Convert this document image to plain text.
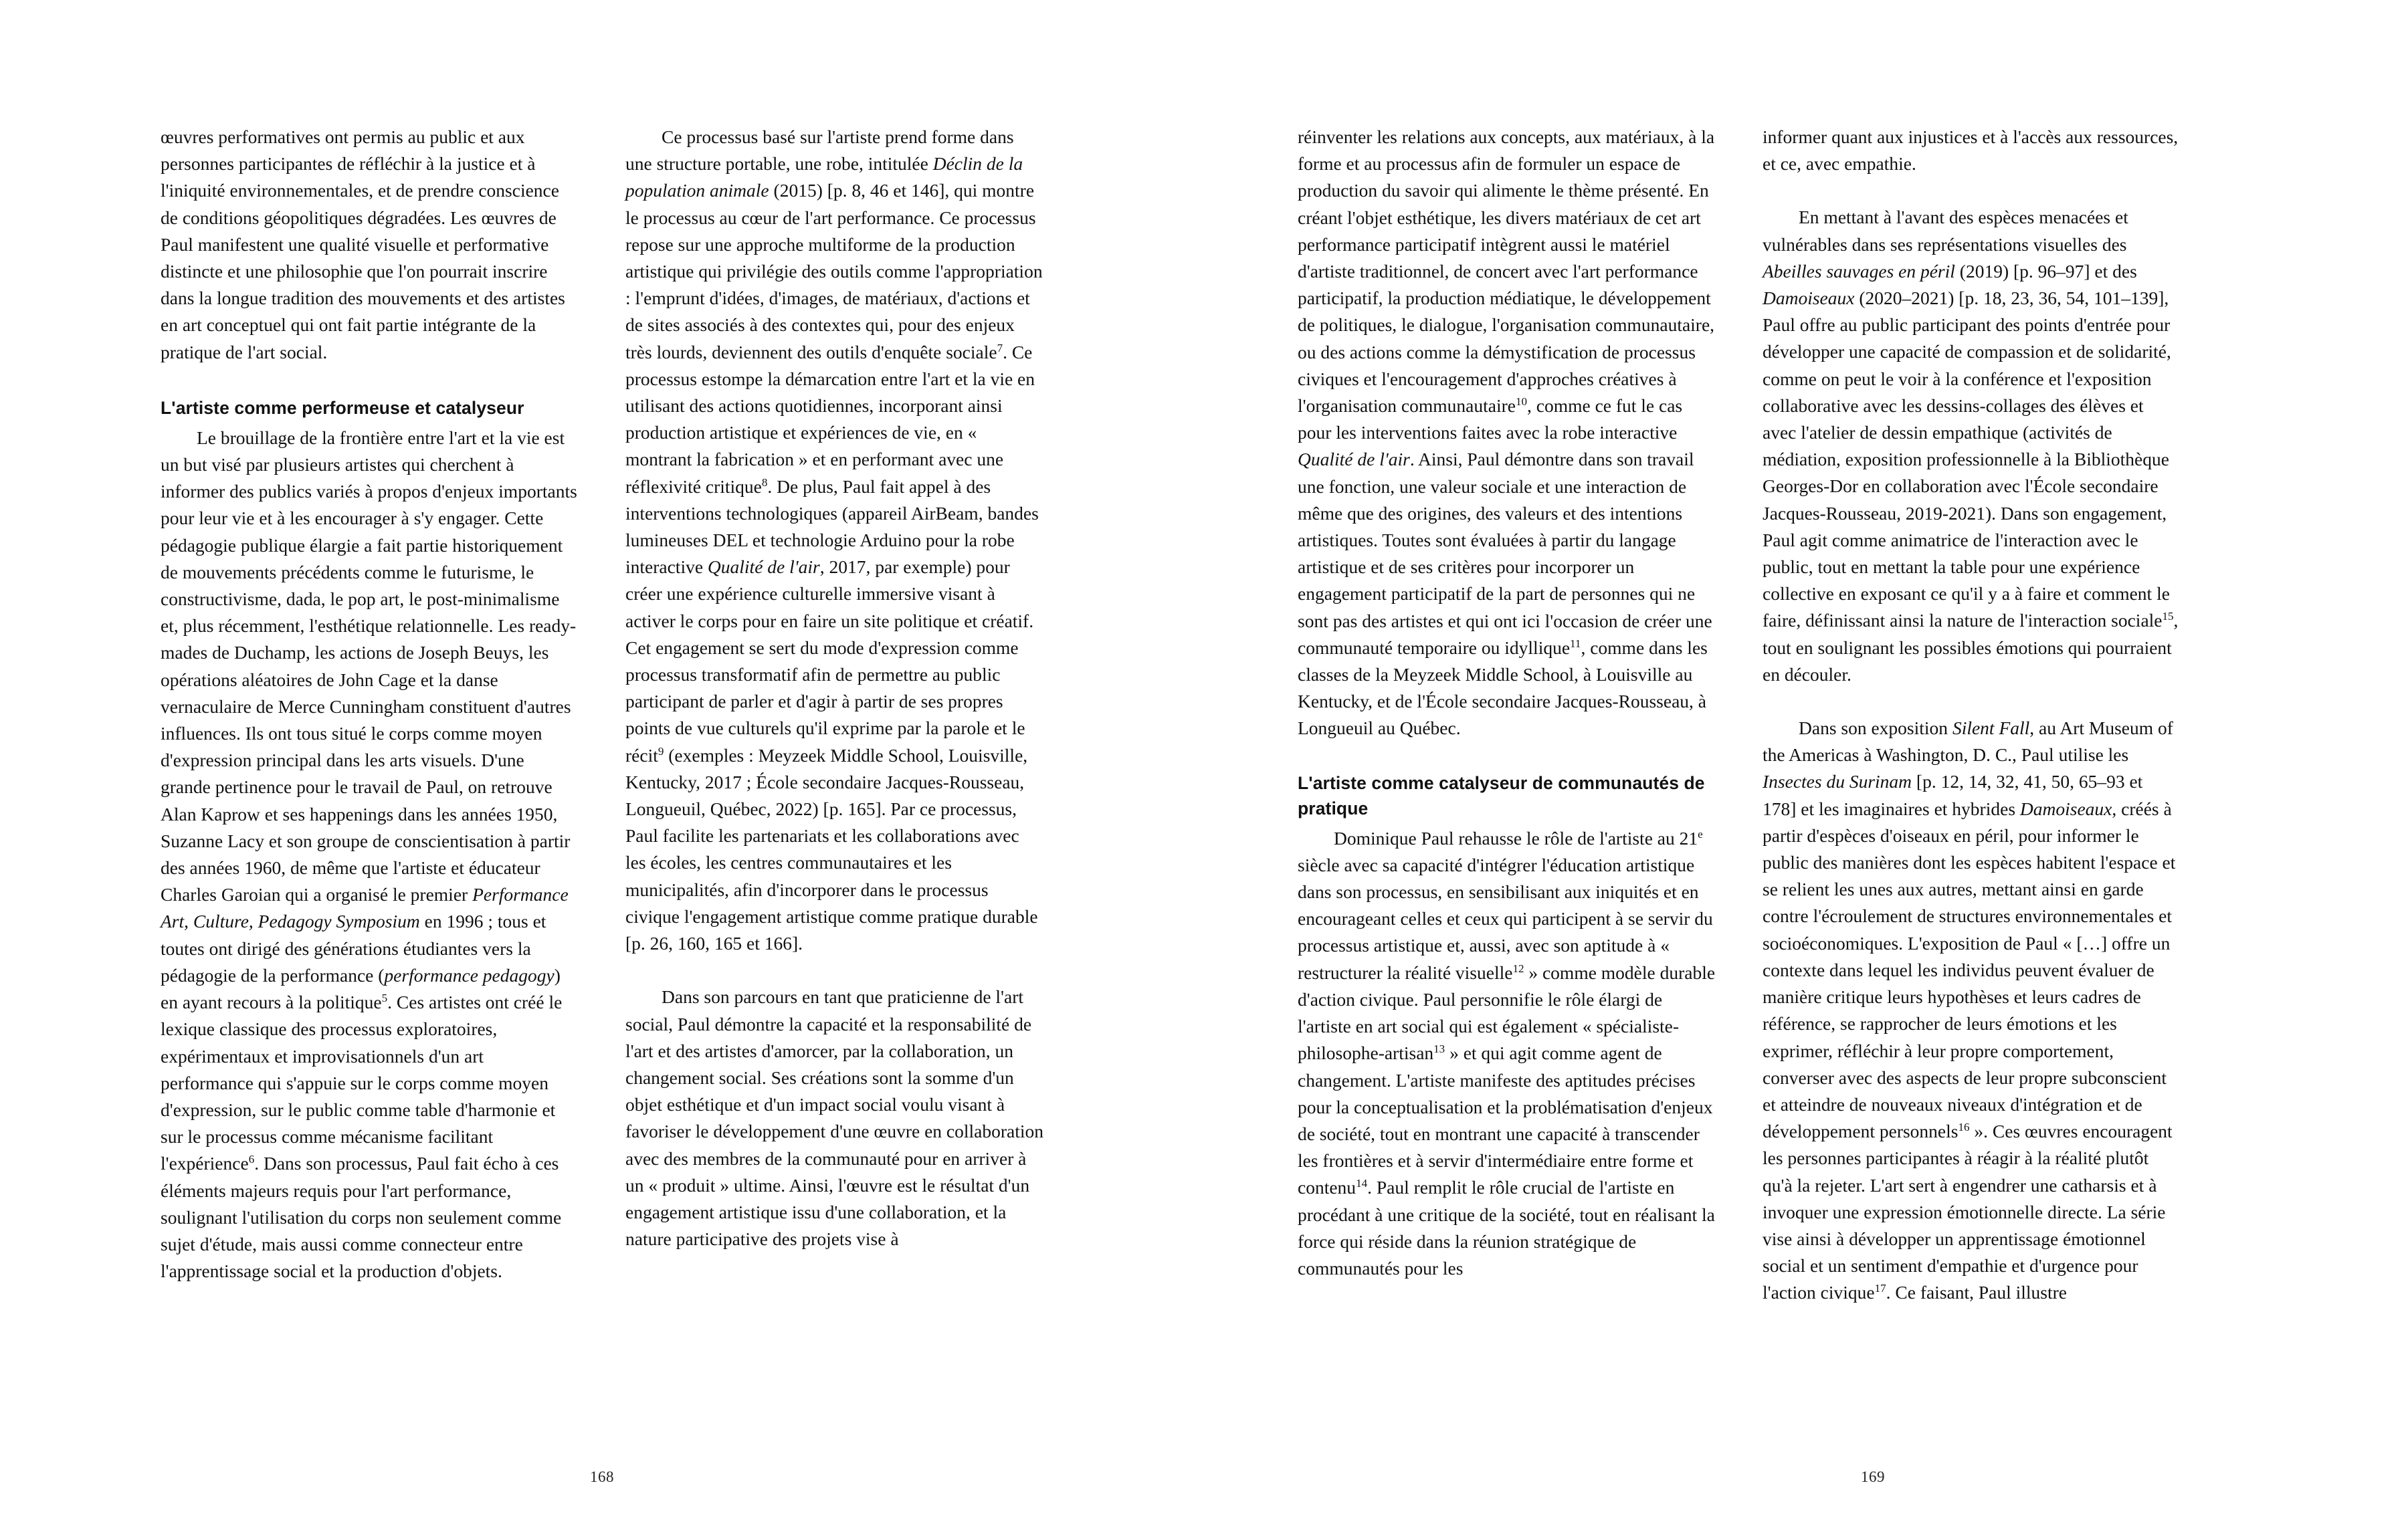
œuvres performatives ont permis au public et aux personnes participantes de réfléchir à la justice et à l'iniquité environnementales, et de prendre conscience de conditions géopolitiques dégradées. Les œuvres de Paul manifestent une qualité visuelle et performative distincte et une philosophie que l'on pourrait inscrire dans la longue tradition des mouvements et des artistes en art conceptuel qui ont fait partie intégrante de la pratique de l'art social.

L'artiste comme performeuse et catalyseur

Le brouillage de la frontière entre l'art et la vie est un but visé par plusieurs artistes qui cherchent à informer des publics variés à propos d'enjeux importants pour leur vie et à les encourager à s'y engager. Cette pédagogie publique élargie a fait partie historiquement de mouvements précédents comme le futurisme, le constructivisme, dada, le pop art, le post-minimalisme et, plus récemment, l'esthétique relationnelle. Les ready-mades de Duchamp, les actions de Joseph Beuys, les opérations aléatoires de John Cage et la danse vernaculaire de Merce Cunningham constituent d'autres influences. Ils ont tous situé le corps comme moyen d'expression principal dans les arts visuels. D'une grande pertinence pour le travail de Paul, on retrouve Alan Kaprow et ses happenings dans les années 1950, Suzanne Lacy et son groupe de conscientisation à partir des années 1960, de même que l'artiste et éducateur Charles Garoian qui a organisé le premier Performance Art, Culture, Pedagogy Symposium en 1996 ; tous et toutes ont dirigé des générations étudiantes vers la pédagogie de la performance (performance pedagogy) en ayant recours à la politique$^5$. Ces artistes ont créé le lexique classique des processus exploratoires, expérimentaux et improvisationnels d'un art performance qui s'appuie sur le corps comme moyen d'expression, sur le public comme table d'harmonie et sur le processus comme mécanisme facilitant l'expérience$^6$. Dans son processus, Paul fait écho à ces éléments majeurs requis pour l'art performance, soulignant l'utilisation du corps non seulement comme sujet d'étude, mais aussi comme connecteur entre l'apprentissage social et la production d'objets.

Ce processus basé sur l'artiste prend forme dans une structure portable, une robe, intitulée Déclin de la population animale (2015) [p. 8, 46 et 146], qui montre le processus au cœur de l'art performance. Ce processus repose sur une approche multiforme de la production artistique qui privilégie des outils comme l'appropriation : l'emprunt d'idées, d'images, de matériaux, d'actions et de sites associés à des contextes qui, pour des enjeux très lourds, deviennent des outils d'enquête sociale$^7$. Ce processus estompe la démarcation entre l'art et la vie en utilisant des actions quotidiennes, incorporant ainsi production artistique et expériences de vie, en « montrant la fabrication » et en performant avec une réflexivité critique$^8$. De plus, Paul fait appel à des interventions technologiques (appareil AirBeam, bandes lumineuses DEL et technologie Arduino pour la robe interactive Qualité de l'air, 2017, par exemple) pour créer une expérience culturelle immersive visant à activer le corps pour en faire un site politique et créatif. Cet engagement se sert du mode d'expression comme processus transformatif afin de permettre au public participant de parler et d'agir à partir de ses propres points de vue culturels qu'il exprime par la parole et le récit$^9$ (exemples : Meyzeek Middle School, Louisville, Kentucky, 2017 ; École secondaire Jacques-Rousseau, Longueuil, Québec, 2022) [p. 165]. Par ce processus, Paul facilite les partenariats et les collaborations avec les écoles, les centres communautaires et les municipalités, afin d'incorporer dans le processus civique l'engagement artistique comme pratique durable [p. 26, 160, 165 et 166].

Dans son parcours en tant que praticienne de l'art social, Paul démontre la capacité et la responsabilité de l'art et des artistes d'amorcer, par la collaboration, un changement social. Ses créations sont la somme d'un objet esthétique et d'un impact social voulu visant à favoriser le développement d'une œuvre en collaboration avec des membres de la communauté pour en arriver à un « produit » ultime. Ainsi, l'œuvre est le résultat d'un engagement artistique issu d'une collaboration, et la nature participative des projets vise à

168

réinventer les relations aux concepts, aux matériaux, à la forme et au processus afin de formuler un espace de production du savoir qui alimente le thème présenté. En créant l'objet esthétique, les divers matériaux de cet art performance participatif intègrent aussi le matériel d'artiste traditionnel, de concert avec l'art performance participatif, la production médiatique, le développement de politiques, le dialogue, l'organisation communautaire, ou des actions comme la démystification de processus civiques et l'encouragement d'approches créatives à l'organisation communautaire$^{10}$, comme ce fut le cas pour les interventions faites avec la robe interactive Qualité de l'air. Ainsi, Paul démontre dans son travail une fonction, une valeur sociale et une interaction de même que des origines, des valeurs et des intentions artistiques. Toutes sont évaluées à partir du langage artistique et de ses critères pour incorporer un engagement participatif de la part de personnes qui ne sont pas des artistes et qui ont ici l'occasion de créer une communauté temporaire ou idyllique$^{11}$, comme dans les classes de la Meyzeek Middle School, à Louisville au Kentucky, et de l'École secondaire Jacques-Rousseau, à Longueuil au Québec.

L'artiste comme catalyseur de communautés de pratique

Dominique Paul rehausse le rôle de l'artiste au 21e siècle avec sa capacité d'intégrer l'éducation artistique dans son processus, en sensibilisant aux iniquités et en encourageant celles et ceux qui participent à se servir du processus artistique et, aussi, avec son aptitude à « restructurer la réalité visuelle$^{12}$ » comme modèle durable d'action civique. Paul personnifie le rôle élargi de l'artiste en art social qui est également « spécialiste-philosophe-artisan$^{13}$ » et qui agit comme agent de changement. L'artiste manifeste des aptitudes précises pour la conceptualisation et la problématisation d'enjeux de société, tout en montrant une capacité à transcender les frontières et à servir d'intermédiaire entre forme et contenu$^{14}$. Paul remplit le rôle crucial de l'artiste en procédant à une critique de la société, tout en réalisant la force qui réside dans la réunion stratégique de communautés pour les

informer quant aux injustices et à l'accès aux ressources, et ce, avec empathie.

En mettant à l'avant des espèces menacées et vulnérables dans ses représentations visuelles des Abeilles sauvages en péril (2019) [p. 96–97] et des Damoiseaux (2020–2021) [p. 18, 23, 36, 54, 101–139], Paul offre au public participant des points d'entrée pour développer une capacité de compassion et de solidarité, comme on peut le voir à la conférence et l'exposition collaborative avec les dessins-collages des élèves et avec l'atelier de dessin empathique (activités de médiation, exposition professionnelle à la Bibliothèque Georges-Dor en collaboration avec l'École secondaire Jacques-Rousseau, 2019-2021). Dans son engagement, Paul agit comme animatrice de l'interaction avec le public, tout en mettant la table pour une expérience collective en exposant ce qu'il y a à faire et comment le faire, définissant ainsi la nature de l'interaction sociale$^{15}$, tout en soulignant les possibles émotions qui pourraient en découler.

Dans son exposition Silent Fall, au Art Museum of the Americas à Washington, D. C., Paul utilise les Insectes du Surinam [p. 12, 14, 32, 41, 50, 65–93 et 178] et les imaginaires et hybrides Damoiseaux, créés à partir d'espèces d'oiseaux en péril, pour informer le public des manières dont les espèces habitent l'espace et se relient les unes aux autres, mettant ainsi en garde contre l'écroulement de structures environnementales et socioéconomiques. L'exposition de Paul « […] offre un contexte dans lequel les individus peuvent évaluer de manière critique leurs hypothèses et leurs cadres de référence, se rapprocher de leurs émotions et les exprimer, réfléchir à leur propre comportement, converser avec des aspects de leur propre subconscient et atteindre de nouveaux niveaux d'intégration et de développement personnels$^{16}$ ». Ces œuvres encouragent les personnes participantes à réagir à la réalité plutôt qu'à la rejeter. L'art sert à engendrer une catharsis et à invoquer une expression émotionnelle directe. La série vise ainsi à développer un apprentissage émotionnel social et un sentiment d'empathie et d'urgence pour l'action civique$^{17}$. Ce faisant, Paul illustre

169
